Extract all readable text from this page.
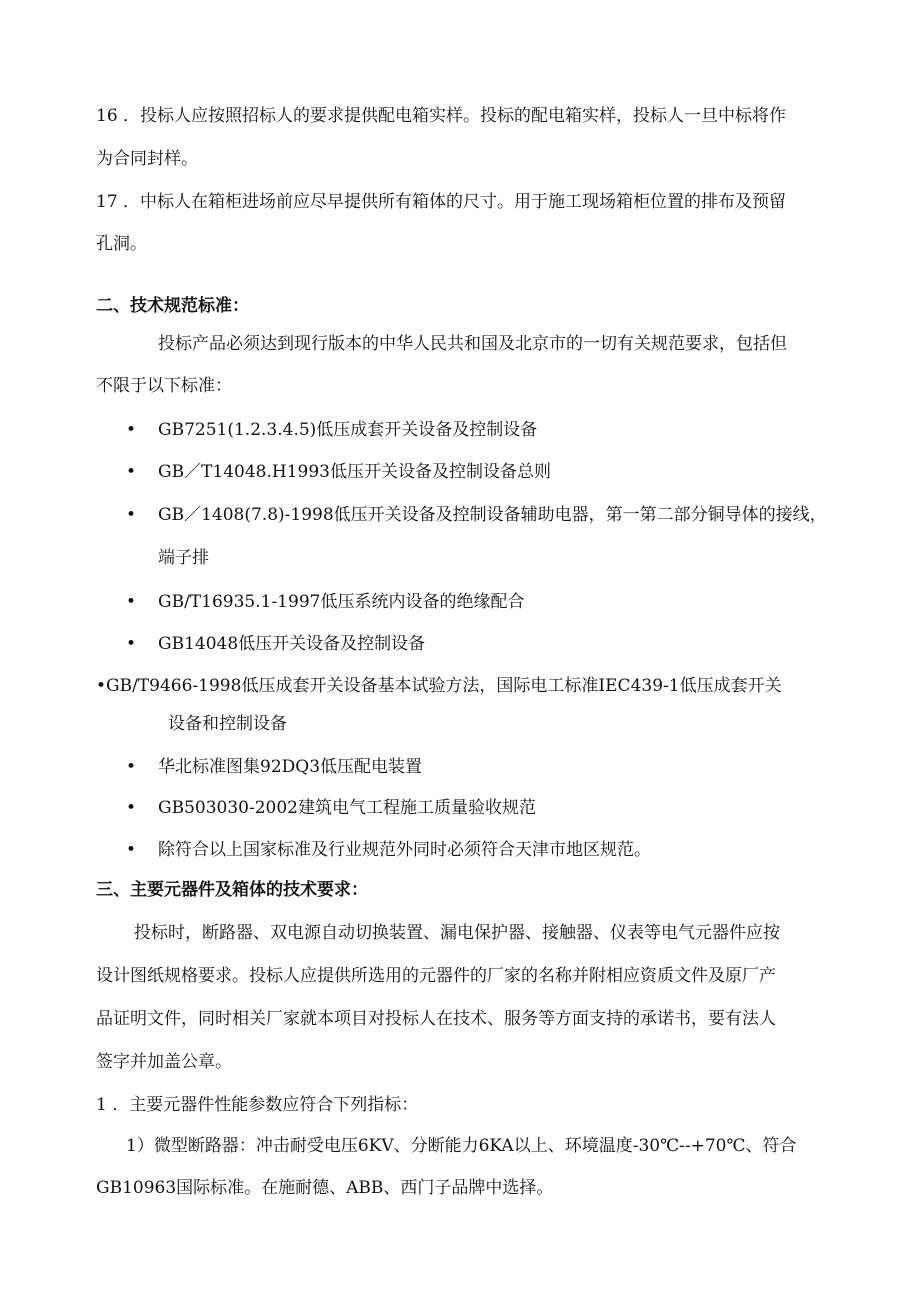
16 ．投标人应按照招标人的要求提供配电箱实样。投标的配电箱实样，投标人一旦中标将作
为合同封样。
17 ．中标人在箱柜进场前应尽早提供所有箱体的尺寸。用于施工现场箱柜位置的排布及预留
孔洞。
二、技术规范标准：
投标产品必须达到现行版本的中华人民共和国及北京市的一切有关规范要求，包括但
不限于以下标准：
• GB7251(1.2.3.4.5)低压成套开关设备及控制设备
• GB／T14048.H1993低压开关设备及控制设备总则
• GB／1408(7.8)-1998低压开关设备及控制设备辅助电器，第一第二部分铜导体的接线，
端子排
• GB/T16935.1-1997低压系统内设备的绝缘配合
• GB14048低压开关设备及控制设备
•GB/T9466-1998低压成套开关设备基本试验方法，国际电工标准IEC439-1低压成套开关
设备和控制设备
• 华北标准图集92DQ3低压配电装置
• GB503030-2002建筑电气工程施工质量验收规范
• 除符合以上国家标准及行业规范外同时必须符合天津市地区规范。
三、主要元器件及箱体的技术要求：
投标时，断路器、双电源自动切换装置、漏电保护器、接触器、仪表等电气元器件应按
设计图纸规格要求。投标人应提供所选用的元器件的厂家的名称并附相应资质文件及原厂产
品证明文件，同时相关厂家就本项目对投标人在技术、服务等方面支持的承诺书，要有法人
签字并加盖公章。
1 ．主要元器件性能参数应符合下列指标：
1）微型断路器：冲击耐受电压6KV、分断能力6KA以上、环境温度-30℃--+70℃、符合
GB10963国际标准。在施耐德、ABB、西门子品牌中选择。
